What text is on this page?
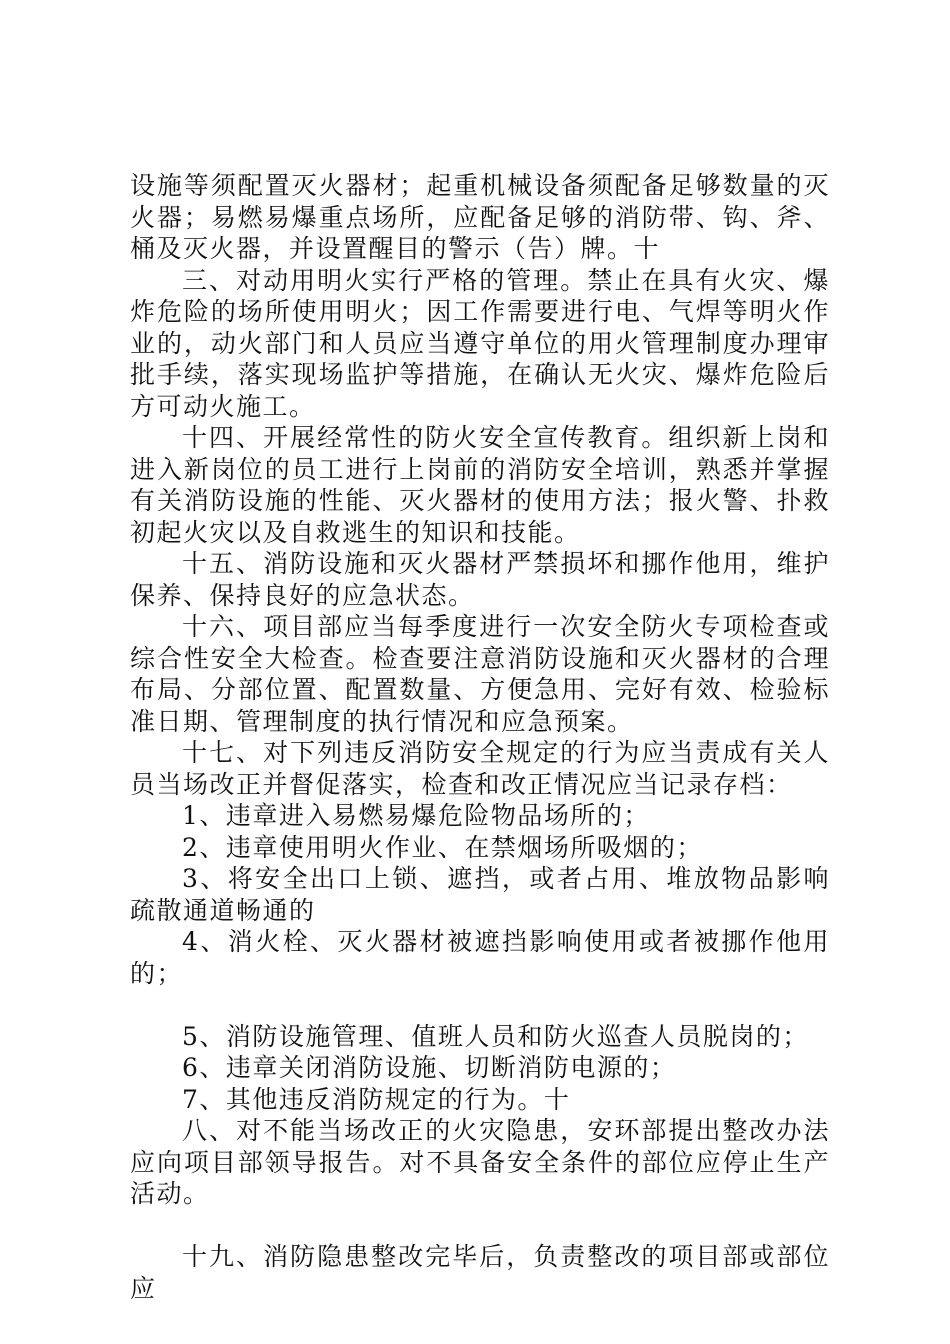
设施等须配置灭火器材；起重机械设备须配备足够数量的灭火器；易燃易爆重点场所，应配备足够的消防带、钩、斧、桶及灭火器，并设置醒目的警示（告）牌。十

三、对动用明火实行严格的管理。禁止在具有火灾、爆炸危险的场所使用明火；因工作需要进行电、气焊等明火作业的，动火部门和人员应当遵守单位的用火管理制度办理审批手续，落实现场监护等措施，在确认无火灾、爆炸危险后方可动火施工。

十四、开展经常性的防火安全宣传教育。组织新上岗和进入新岗位的员工进行上岗前的消防安全培训，熟悉并掌握有关消防设施的性能、灭火器材的使用方法；报火警、扑救初起火灾以及自救逃生的知识和技能。

十五、消防设施和灭火器材严禁损坏和挪作他用，维护保养、保持良好的应急状态。

十六、项目部应当每季度进行一次安全防火专项检查或综合性安全大检查。检查要注意消防设施和灭火器材的合理布局、分部位置、配置数量、方便急用、完好有效、检验标准日期、管理制度的执行情况和应急预案。

十七、对下列违反消防安全规定的行为应当责成有关人员当场改正并督促落实，检查和改正情况应当记录存档：

1、违章进入易燃易爆危险物品场所的；

2、违章使用明火作业、在禁烟场所吸烟的；

3、将安全出口上锁、遮挡，或者占用、堆放物品影响疏散通道畅通的

4、消火栓、灭火器材被遮挡影响使用或者被挪作他用的；

5、消防设施管理、值班人员和防火巡查人员脱岗的；

6、违章关闭消防设施、切断消防电源的；

7、其他违反消防规定的行为。十

八、对不能当场改正的火灾隐患，安环部提出整改办法应向项目部领导报告。对不具备安全条件的部位应停止生产活动。

十九、消防隐患整改完毕后，负责整改的项目部或部位应
